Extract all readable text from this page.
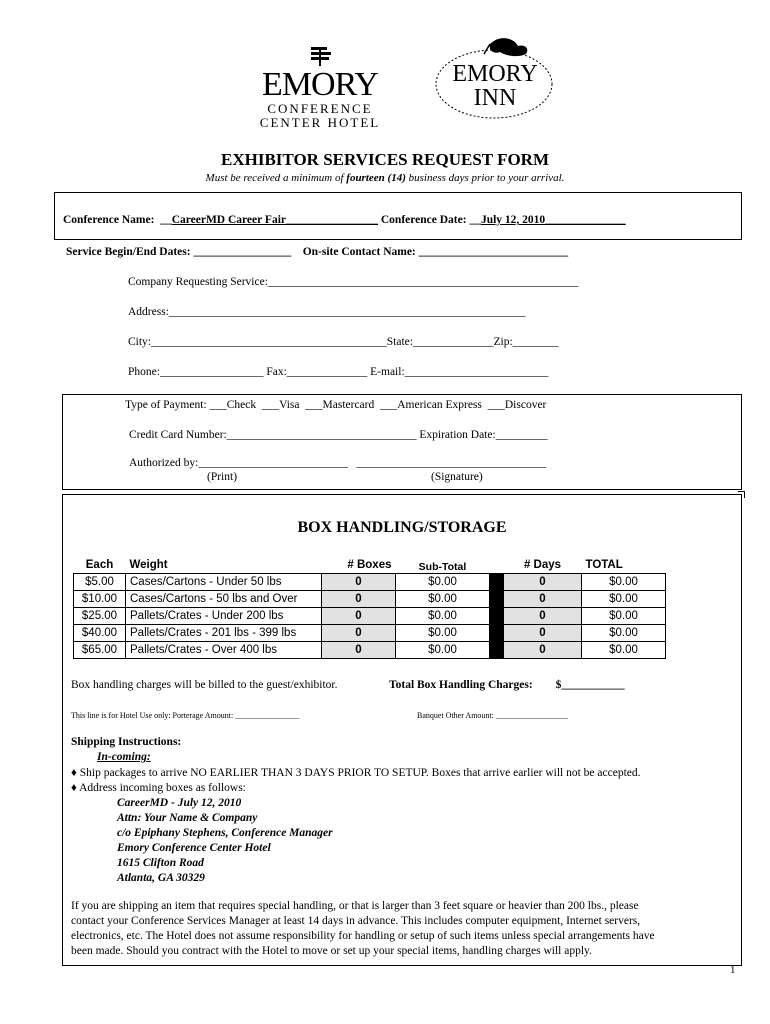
EMORY
CONFERENCE
CENTER HOTEL
EMORY
INN
EXHIBITOR SERVICES REQUEST FORM
Must be received a minimum of fourteen (14) business days prior to your arrival.
Conference Name:  __CareerMD Career Fair________________ Conference Date: __July 12, 2010______________
Service Begin/End Dates: _________________ On-site Contact Name: __________________________
Company Requesting Service:______________________________________________________
Address:______________________________________________________________
City:_________________________________________State:______________Zip:________
Phone:__________________ Fax:______________ E-mail:_________________________
Type of Payment: ___Check  ___Visa  ___Mastercard  ___American Express  ___Discover
Credit Card Number:_________________________________ Expiration Date:_________
Authorized by:__________________________ _________________________________
(Print)	(Signature)
BOX HANDLING/STORAGE
Each	Weight	# Boxes	Sub-Total		# Days	TOTAL
$5.00	Cases/Cartons - Under 50 lbs	0	$0.00		0	$0.00
$10.00	Cases/Cartons - 50 lbs and Over	0	$0.00		0	$0.00
$25.00	Pallets/Crates - Under 200 lbs	0	$0.00		0	$0.00
$40.00	Pallets/Crates - 201 lbs - 399 lbs	0	$0.00		0	$0.00
$65.00	Pallets/Crates - Over 400 lbs	0	$0.00		0	$0.00
Box handling charges will be billed to the guest/exhibitor.	Total Box Handling Charges: $___________
This line is for Hotel Use only: Porterage Amount: ________________	Banquet Other Amount: __________________
Shipping Instructions:
In-coming:
♦ Ship packages to arrive NO EARLIER THAN 3 DAYS PRIOR TO SETUP. Boxes that arrive earlier will not be accepted.
♦ Address incoming boxes as follows:
CareerMD - July 12, 2010
Attn: Your Name & Company
c/o Epiphany Stephens, Conference Manager
Emory Conference Center Hotel
1615 Clifton Road
Atlanta, GA 30329
If you are shipping an item that requires special handling, or that is larger than 3 feet square or heavier than 200 lbs., please
contact your Conference Services Manager at least 14 days in advance. This includes computer equipment, Internet servers,
electronics, etc. The Hotel does not assume responsibility for handling or setup of such items unless special arrangements have
been made. Should you contract with the Hotel to move or set up your special items, handling charges will apply.
1
